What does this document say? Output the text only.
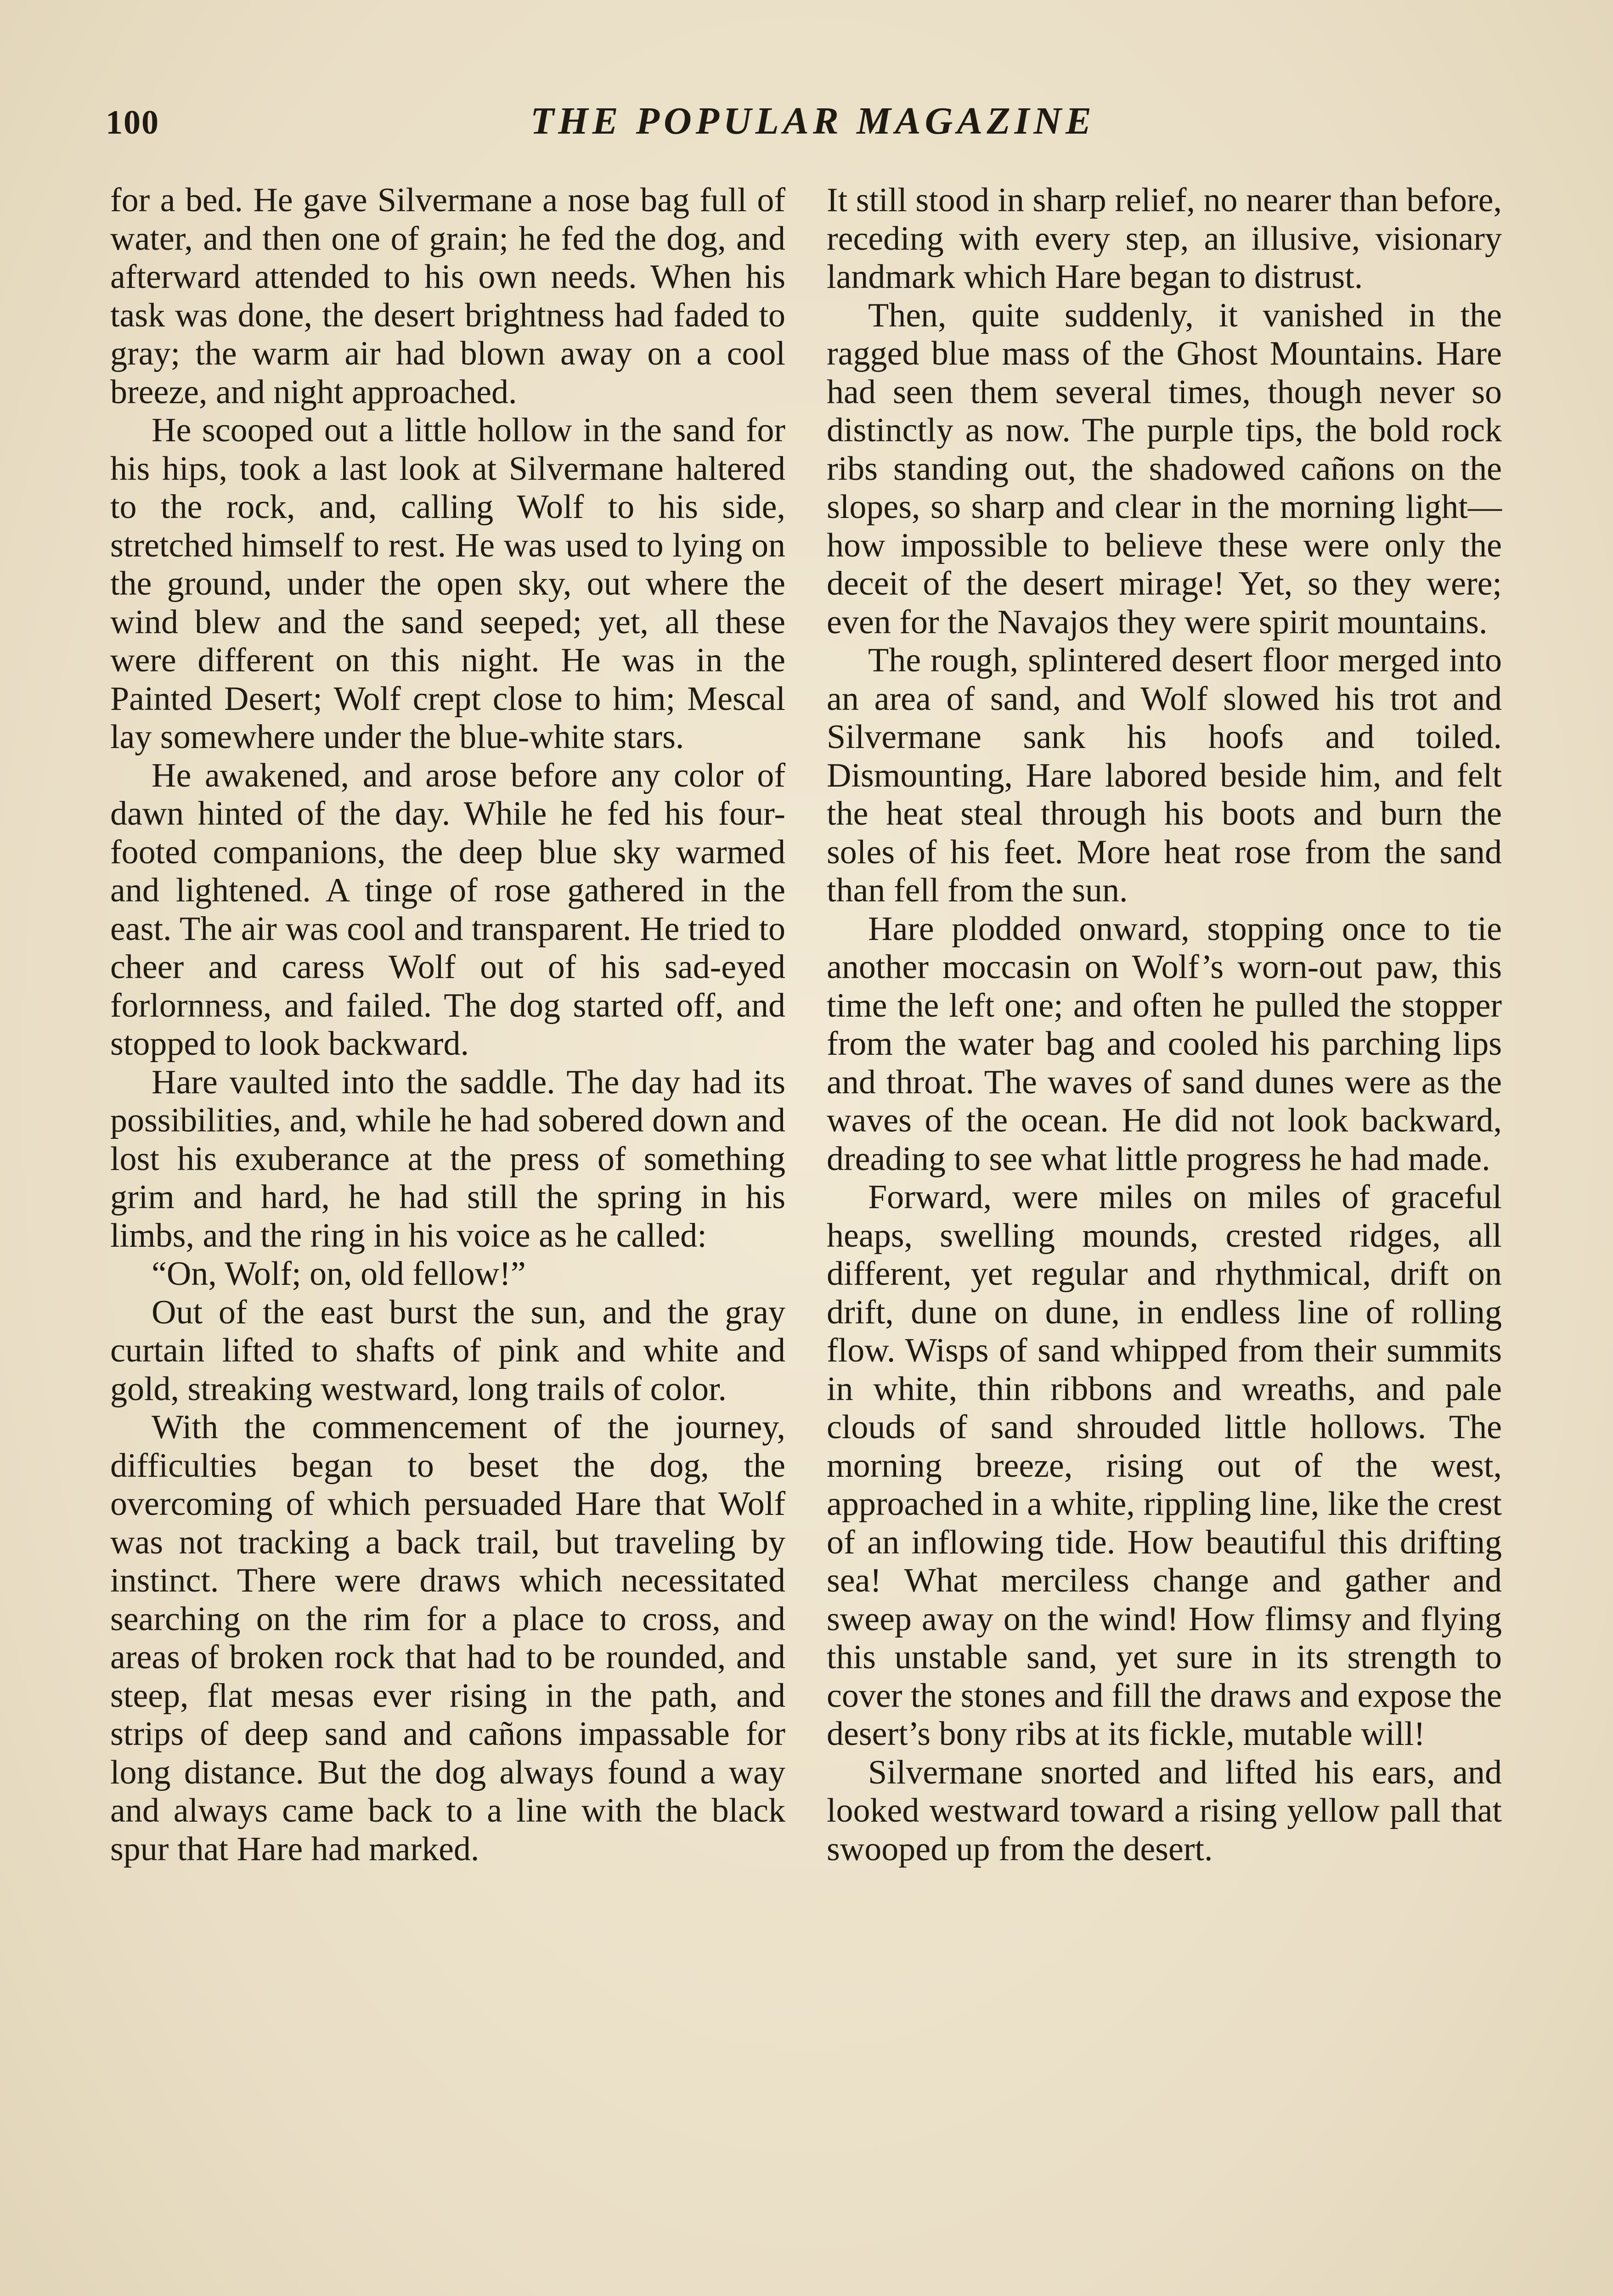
100	THE POPULAR MAGAZINE

for a bed. He gave Silvermane a nose bag full of water, and then one of grain; he fed the dog, and afterward attended to his own needs. When his task was done, the desert brightness had faded to gray; the warm air had blown away on a cool breeze, and night approached.

He scooped out a little hollow in the sand for his hips, took a last look at Silvermane haltered to the rock, and, calling Wolf to his side, stretched himself to rest. He was used to lying on the ground, under the open sky, out where the wind blew and the sand seeped; yet, all these were different on this night. He was in the Painted Desert; Wolf crept close to him; Mescal lay somewhere under the blue-white stars.

He awakened, and arose before any color of dawn hinted of the day. While he fed his four-footed companions, the deep blue sky warmed and lightened. A tinge of rose gathered in the east. The air was cool and transparent. He tried to cheer and caress Wolf out of his sad-eyed forlornness, and failed. The dog started off, and stopped to look backward.

Hare vaulted into the saddle. The day had its possibilities, and, while he had sobered down and lost his exuberance at the press of something grim and hard, he had still the spring in his limbs, and the ring in his voice as he called:

“On, Wolf; on, old fellow!”

Out of the east burst the sun, and the gray curtain lifted to shafts of pink and white and gold, streaking westward, long trails of color.

With the commencement of the journey, difficulties began to beset the dog, the overcoming of which persuaded Hare that Wolf was not tracking a back trail, but traveling by instinct. There were draws which necessitated searching on the rim for a place to cross, and areas of broken rock that had to be rounded, and steep, flat mesas ever rising in the path, and strips of deep sand and cañons impassable for long distance. But the dog always found a way and always came back to a line with the black spur that Hare had marked.

It still stood in sharp relief, no nearer than before, receding with every step, an illusive, visionary landmark which Hare began to distrust.

Then, quite suddenly, it vanished in the ragged blue mass of the Ghost Mountains. Hare had seen them several times, though never so distinctly as now. The purple tips, the bold rock ribs standing out, the shadowed cañons on the slopes, so sharp and clear in the morning light—how impossible to believe these were only the deceit of the desert mirage! Yet, so they were; even for the Navajos they were spirit mountains.

The rough, splintered desert floor merged into an area of sand, and Wolf slowed his trot and Silvermane sank his hoofs and toiled. Dismounting, Hare labored beside him, and felt the heat steal through his boots and burn the soles of his feet. More heat rose from the sand than fell from the sun.

Hare plodded onward, stopping once to tie another moccasin on Wolf’s worn-out paw, this time the left one; and often he pulled the stopper from the water bag and cooled his parching lips and throat. The waves of sand dunes were as the waves of the ocean. He did not look backward, dreading to see what little progress he had made.

Forward, were miles on miles of graceful heaps, swelling mounds, crested ridges, all different, yet regular and rhythmical, drift on drift, dune on dune, in endless line of rolling flow. Wisps of sand whipped from their summits in white, thin ribbons and wreaths, and pale clouds of sand shrouded little hollows. The morning breeze, rising out of the west, approached in a white, rippling line, like the crest of an inflowing tide. How beautiful this drifting sea! What merciless change and gather and sweep away on the wind! How flimsy and flying this unstable sand, yet sure in its strength to cover the stones and fill the draws and expose the desert’s bony ribs at its fickle, mutable will!

Silvermane snorted and lifted his ears, and looked westward toward a rising yellow pall that swooped up from the desert.
